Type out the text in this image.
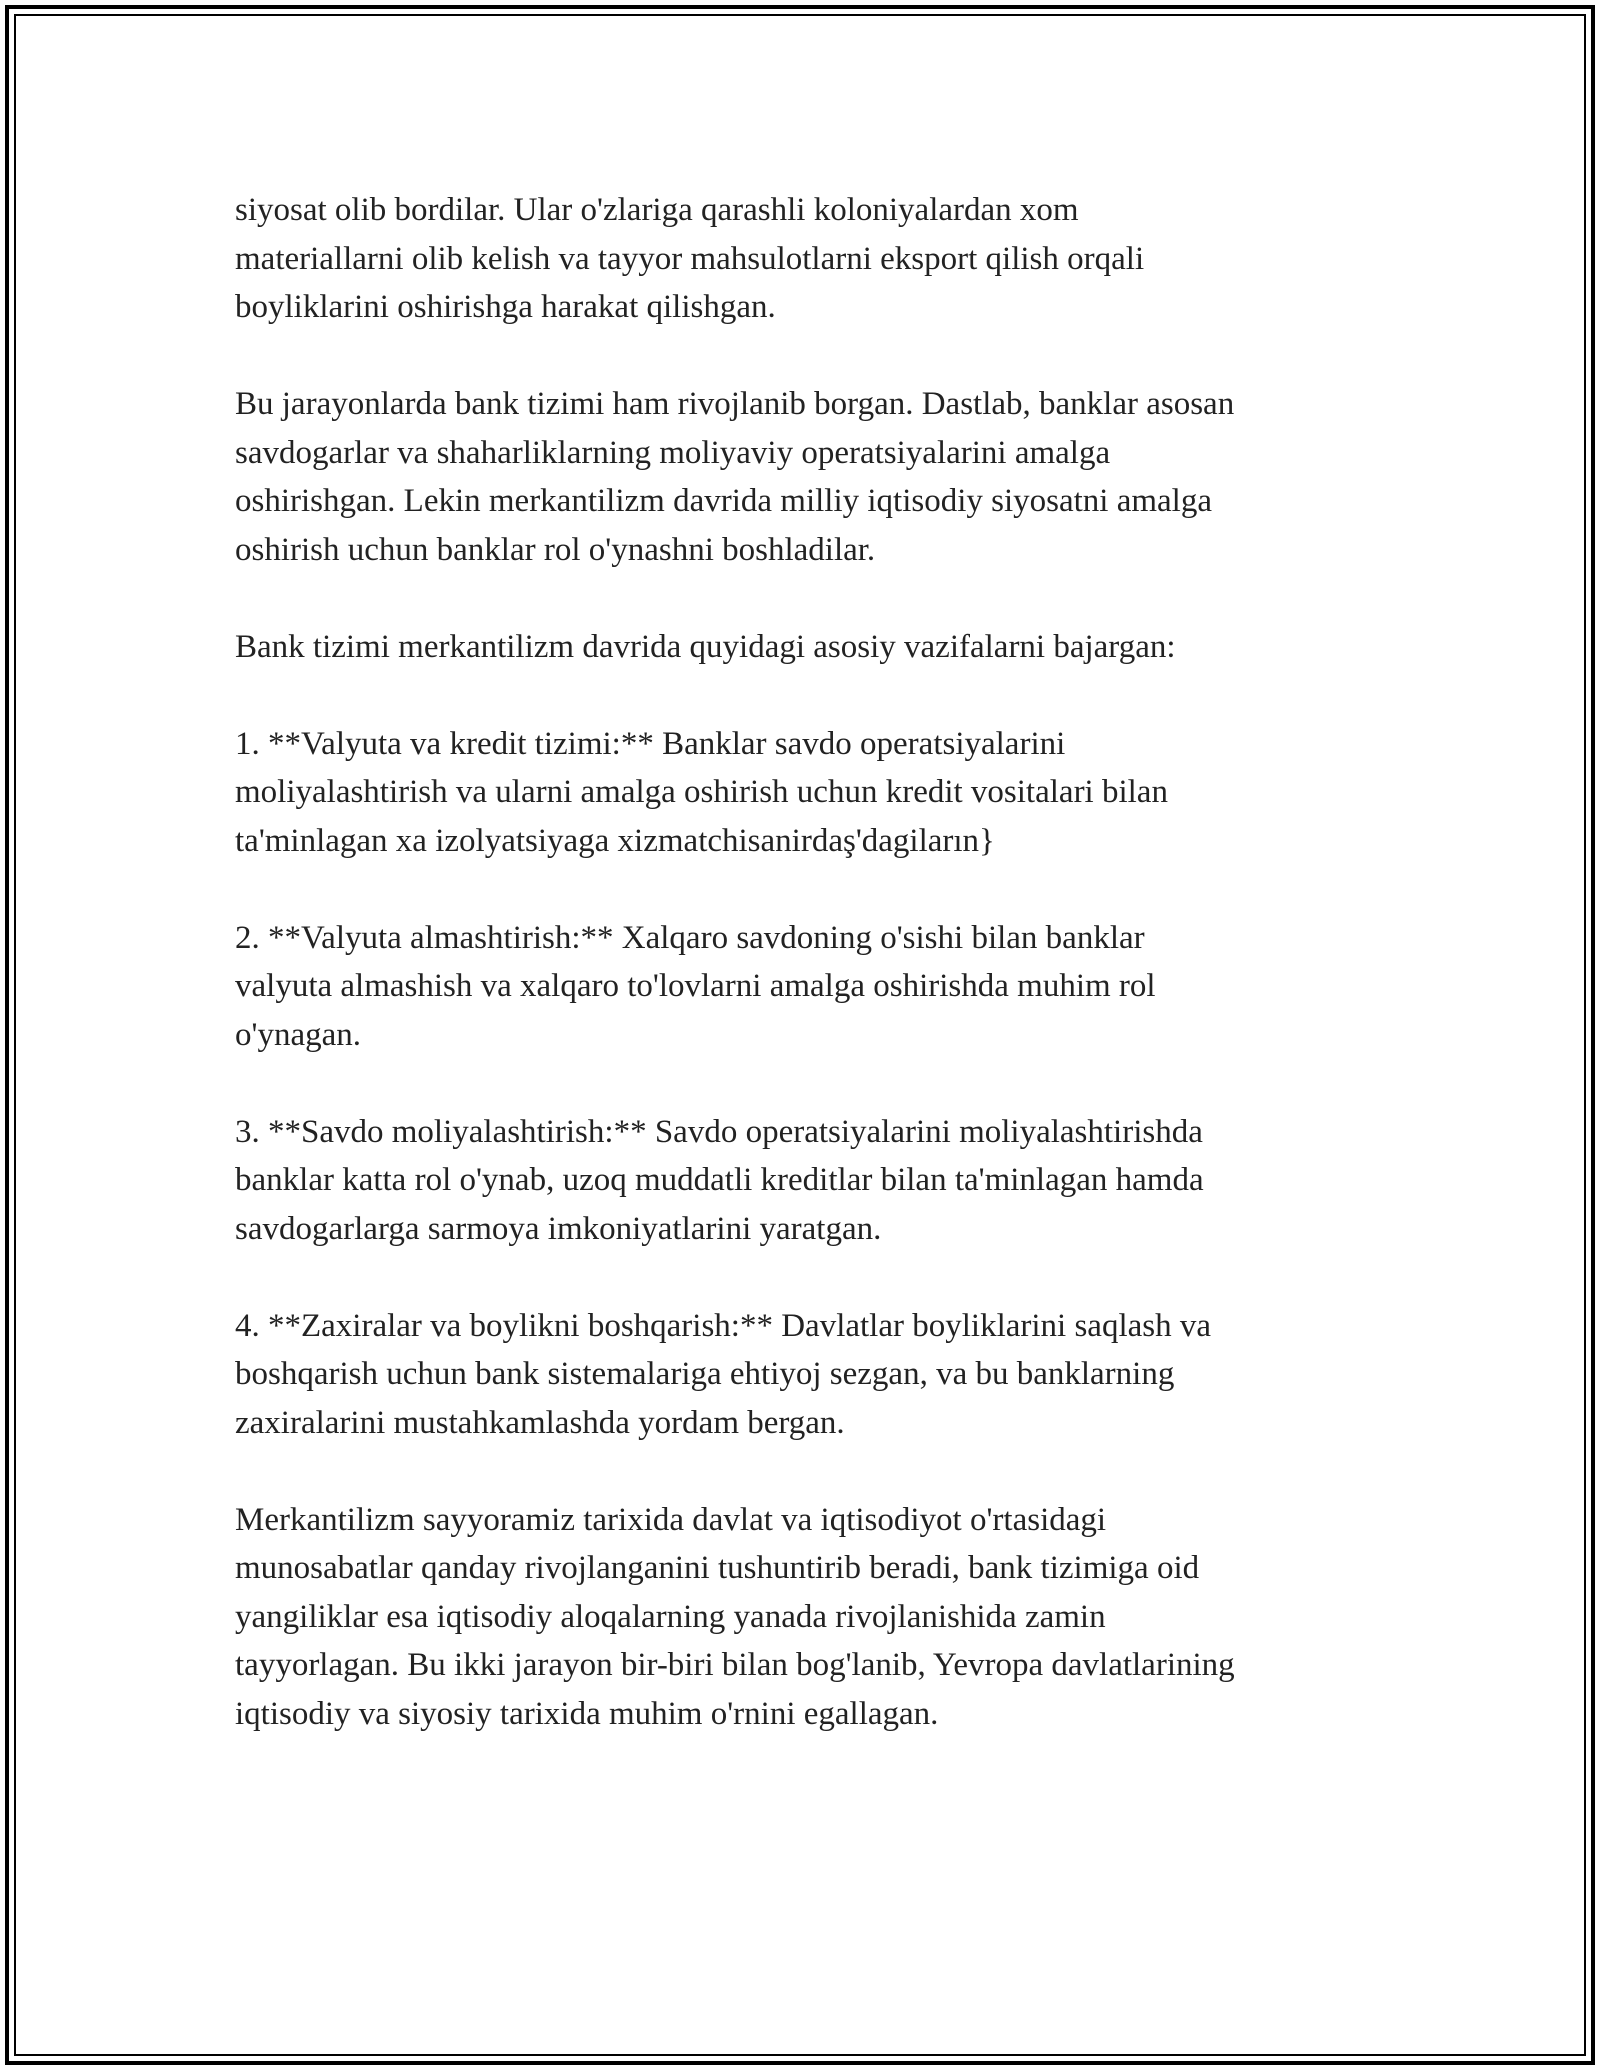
siyosat olib bordilar. Ular o'zlariga qarashli koloniyalardan xom
materiallarni olib kelish va tayyor mahsulotlarni eksport qilish orqali
boyliklarini oshirishga harakat qilishgan.

Bu jarayonlarda bank tizimi ham rivojlanib borgan. Dastlab, banklar asosan
savdogarlar va shaharliklarning moliyaviy operatsiyalarini amalga
oshirishgan. Lekin merkantilizm davrida milliy iqtisodiy siyosatni amalga
oshirish uchun banklar rol o'ynashni boshladilar.

Bank tizimi merkantilizm davrida quyidagi asosiy vazifalarni bajargan:

1. **Valyuta va kredit tizimi:** Banklar savdo operatsiyalarini
moliyalashtirish va ularni amalga oshirish uchun kredit vositalari bilan
ta'minlagan xa izolyatsiyaga xizmatchisanirdaş'dagiların}

2. **Valyuta almashtirish:** Xalqaro savdoning o'sishi bilan banklar
valyuta almashish va xalqaro to'lovlarni amalga oshirishda muhim rol
o'ynagan.

3. **Savdo moliyalashtirish:** Savdo operatsiyalarini moliyalashtirishda
banklar katta rol o'ynab, uzoq muddatli kreditlar bilan ta'minlagan hamda
savdogarlarga sarmoya imkoniyatlarini yaratgan.

4. **Zaxiralar va boylikni boshqarish:** Davlatlar boyliklarini saqlash va
boshqarish uchun bank sistemalariga ehtiyoj sezgan, va bu banklarning
zaxiralarini mustahkamlashda yordam bergan.

Merkantilizm sayyoramiz tarixida davlat va iqtisodiyot o'rtasidagi
munosabatlar qanday rivojlanganini tushuntirib beradi, bank tizimiga oid
yangiliklar esa iqtisodiy aloqalarning yanada rivojlanishida zamin
tayyorlagan. Bu ikki jarayon bir-biri bilan bog'lanib, Yevropa davlatlarining
iqtisodiy va siyosiy tarixida muhim o'rnini egallagan.
